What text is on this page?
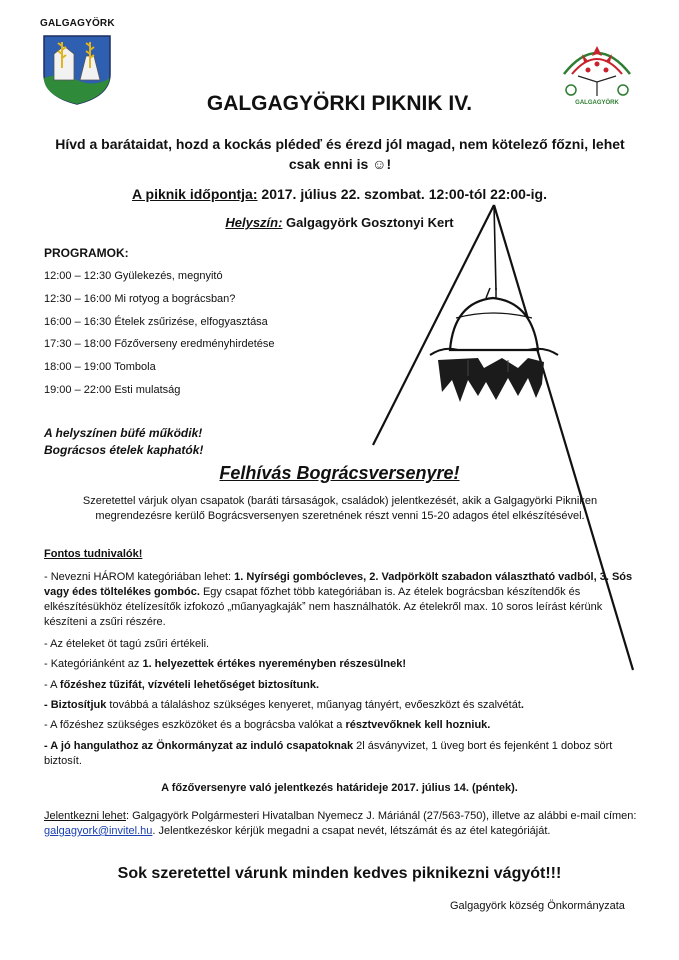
GALGAGYÖRK
GALGAGYÖRK
GALGAGYÖRKI PIKNIK IV.
Hívd a barátaidat, hozd a kockás plédeď és érezd jól magad, nem kötelező főzni, lehet csak enni is ☺!
A piknik időpontja: 2017. július 22. szombat. 12:00-tól 22:00-ig.
Helyszín: Galgagyörk Gosztonyi Kert
PROGRAMOK:
12:00 – 12:30 Gyülekezés, megnyitó
12:30 – 16:00 Mi rotyog a bográcsban?
16:00 – 16:30 Ételek zsűrizése, elfogyasztása
17:30 – 18:00 Főzőverseny eredményhirdetése
18:00 – 19:00 Tombola
19:00 – 22:00 Esti mulatság
A helyszínen büfé működik!
Bográcsos ételek kaphatók!
Felhívás Bográcsversenyre!
Szeretettel várjuk olyan csapatok (baráti társaságok, családok) jelentkezését, akik a Galgagyörki Pikniken megrendezésre kerülő Bográcsversenyen szeretnének részt venni 15-20 adagos étel elkészítésével.
Fontos tudnivalók!
- Nevezni HÁROM kategóriában lehet: 1. Nyírségi gombócleves, 2. Vadpörkölt szabadon választható vadból, 3. Sós vagy édes töltelékes gombóc. Egy csapat főzhet több kategóriában is. Az ételek bográcsban készítendők és elkészítésükhöz ételízesítők izfokozó „műanyagkajákˮ nem használhatók. Az ételekről max. 10 soros leírást kérünk készíteni a zsűri részére.
- Az ételeket öt tagú zsűri értékeli.
- Kategóriánként az 1. helyezettek értékes nyereményben részesülnek!
- A főzéshez tűzifát, vízvételi lehetőséget biztosítunk.
- Biztosítjuk továbbá a tálaláshoz szükséges kenyeret, műanyag tányért, evőeszközt és szalvétát.
- A főzéshez szükséges eszközöket és a bográcsba valókat a résztvevőknek kell hozniuk.
- A jó hangulathoz az Önkormányzat az induló csapatoknak 2l ásványvizet, 1 üveg bort és fejenként 1 doboz sört biztosít.
A főzőversenyre való jelentkezés határideje 2017. július 14. (péntek).
Jelentkezni lehet: Galgagyörk Polgármesteri Hivatalban Nyemecz J. Máriánál (27/563-750), illetve az alábbi e-mail címen: galgagyork@invitel.hu. Jelentkezéskor kérjük megadni a csapat nevét, létszámát és az étel kategóriáját.
Sok szeretettel várunk minden kedves piknikezni vágyót!!!
Galgagyörk község Önkormányzata
